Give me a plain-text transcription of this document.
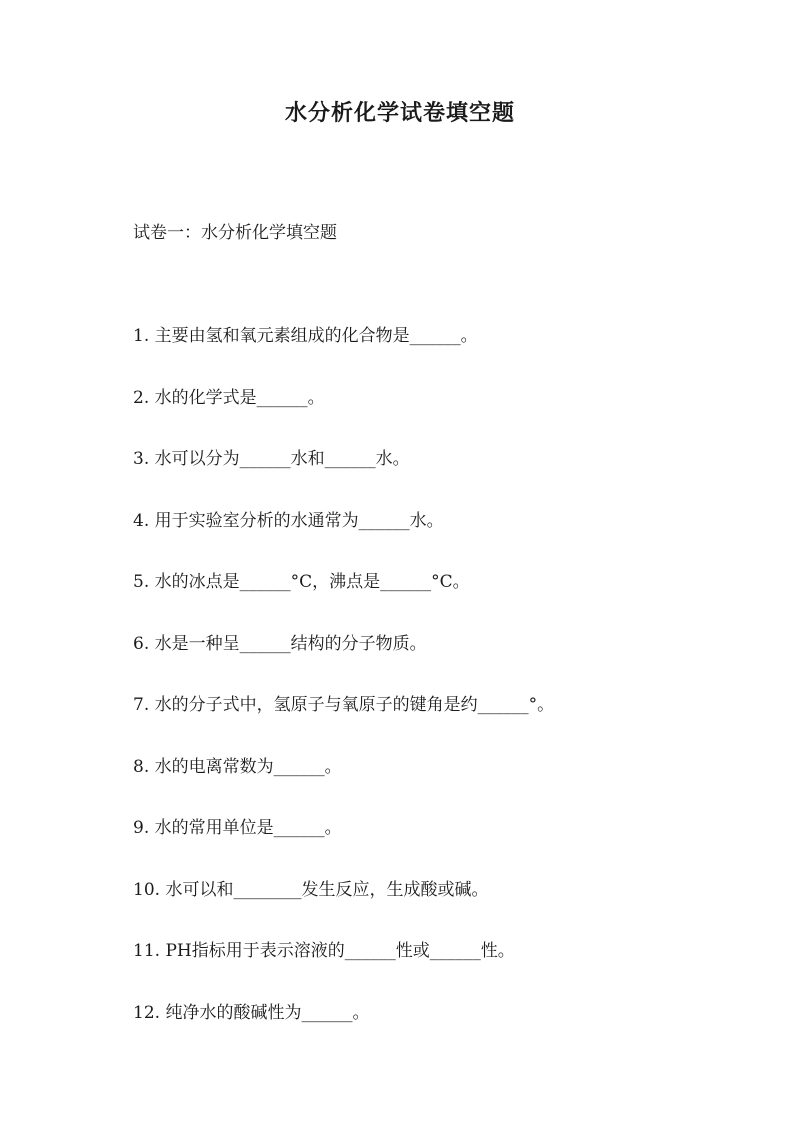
水分析化学试卷填空题
试卷一：水分析化学填空题
1. 主要由氢和氧元素组成的化合物是______。
2. 水的化学式是______。
3. 水可以分为______水和______水。
4. 用于实验室分析的水通常为______水。
5. 水的冰点是______°C，沸点是______°C。
6. 水是一种呈______结构的分子物质。
7. 水的分子式中，氢原子与氧原子的键角是约______°。
8. 水的电离常数为______。
9. 水的常用单位是______。
10. 水可以和________发生反应，生成酸或碱。
11. PH指标用于表示溶液的______性或______性。
12. 纯净水的酸碱性为______。
